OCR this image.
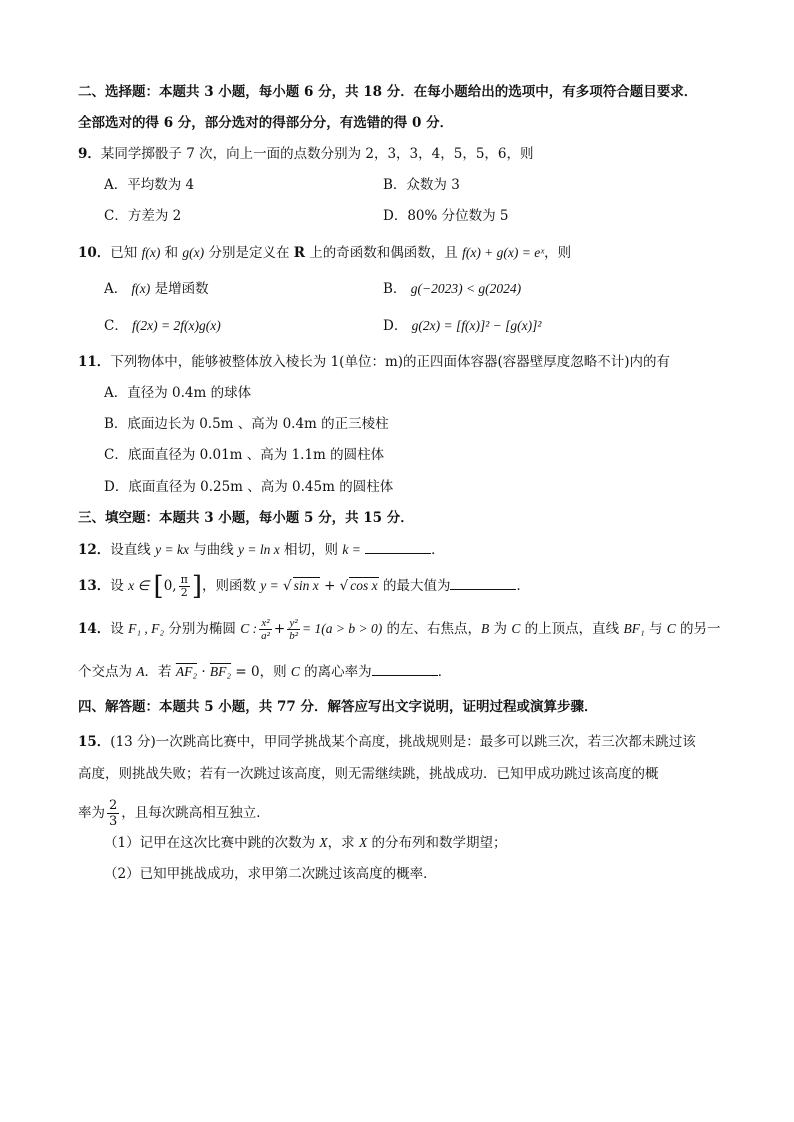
二、选择题：本题共 3 小题，每小题 6 分，共 18 分．在每小题给出的选项中，有多项符合题目要求．
全部选对的得 6 分，部分选对的得部分分，有选错的得 0 分．
9．某同学掷骰子 7 次，向上一面的点数分别为 2，3，3，4，5，5，6，则
A．平均数为 4	B．众数为 3
C．方差为 2	D．80% 分位数为 5
10．已知 f(x) 和 g(x) 分别是定义在 R 上的奇函数和偶函数，且 f(x) + g(x) = eˣ，则
A． f(x) 是增函数	B． g(−2023) < g(2024)
C． f(2x) = 2f(x)g(x)	D． g(2x) = [f(x)]² − [g(x)]²
11．下列物体中，能够被整体放入棱长为 1(单位：m)的正四面体容器(容器壁厚度忽略不计)内的有
A．直径为 0.4m 的球体
B．底面边长为 0.5m 、高为 0.4m 的正三棱柱
C．底面直径为 0.01m 、高为 1.1m 的圆柱体
D．底面直径为 0.25m 、高为 0.45m 的圆柱体
三、填空题：本题共 3 小题，每小题 5 分，共 15 分．
12．设直线 y = kx 与曲线 y = ln x 相切，则 k =	．
13．设 x ∈ [0, $\frac{\pi}{2}$ ]，则函数 y = √ sin x + √ cos x 的最大值为	．
14．设 F₁ , F₂ 分别为椭圆 C : $\frac{\text{x²}}{\text{a²}} + \frac{\text{y²}}{\text{b²}} = 1(a > b > 0)$ 的左、右焦点，B 为 C 的上顶点，直线 BF₁ 与 C 的另一
个交点为 A．若 AF₂ · BF₂ = 0，则 C 的离心率为	．
四、解答题：本题共 5 小题，共 77 分．解答应写出文字说明，证明过程或演算步骤．
15．(13 分)一次跳高比赛中，甲同学挑战某个高度，挑战规则是：最多可以跳三次，若三次都未跳过该
高度，则挑战失败；若有一次跳过该高度，则无需继续跳，挑战成功．已知甲成功跳过该高度的概
率为 $\frac{2}{3}$ ，且每次跳高相互独立．
（1）记甲在这次比赛中跳的次数为 X，求 X 的分布列和数学期望；
（2）已知甲挑战成功，求甲第二次跳过该高度的概率．
